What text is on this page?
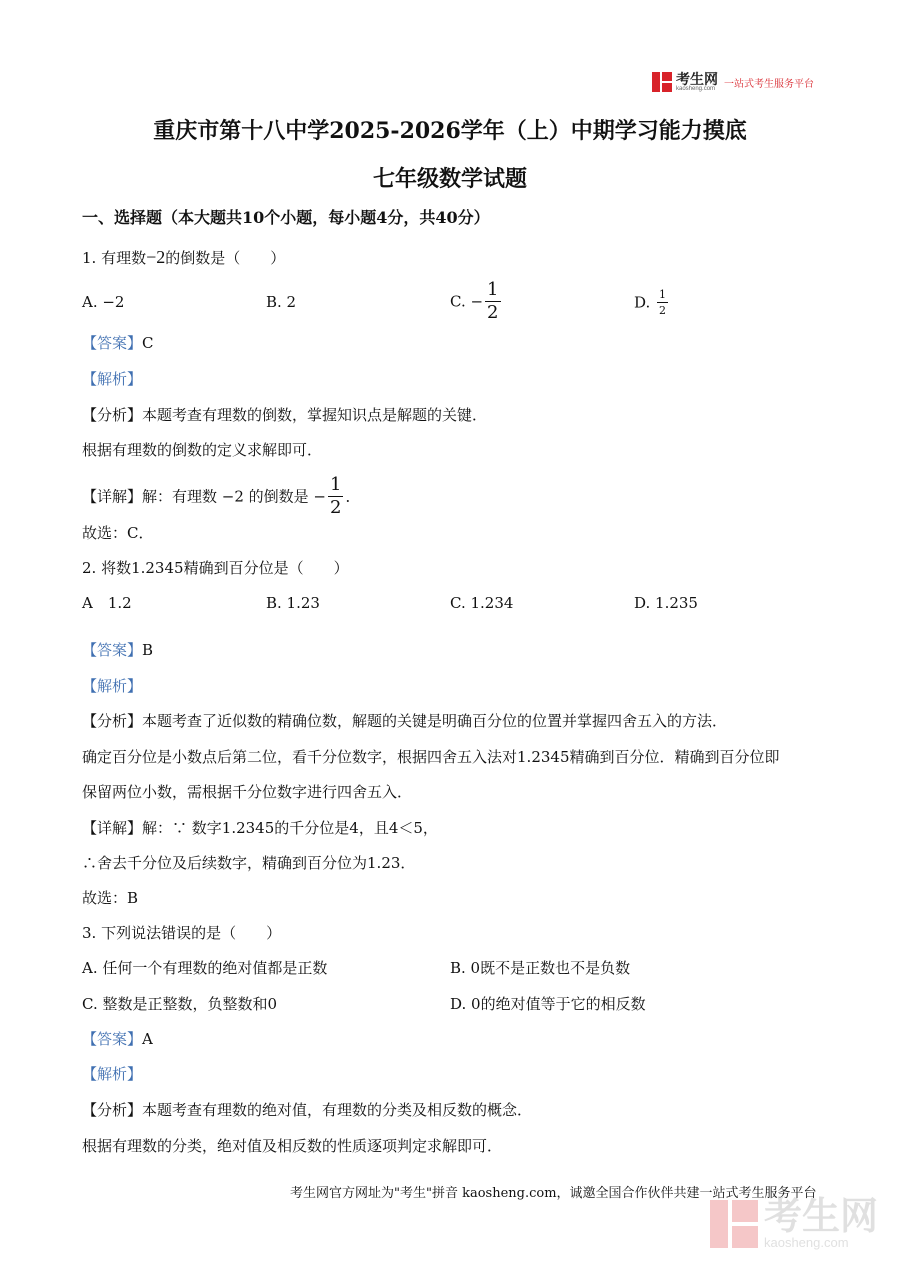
考生网
kaosheng.com 一站式考生服务平台
重庆市第十八中学2025-2026学年（上）中期学习能力摸底
七年级数学试题
一、选择题（本大题共10个小题，每小题4分，共40分）
1. 有理数−2的倒数是（　　）
A. −2	B. 2	C. − $\frac{1}{2}$	D. $\frac{1}{2}$
【答案】C
【解析】
【分析】本题考查有理数的倒数，掌握知识点是解题的关键．
根据有理数的倒数的定义求解即可．
【详解】解：有理数 −2 的倒数是 − $\frac{1}{2}$ ．
故选：C．
2. 将数1.2345精确到百分位是（　　）
A　1.2	B. 1.23	C. 1.234	D. 1.235
【答案】B
【解析】
【分析】本题考查了近似数的精确位数，解题的关键是明确百分位的位置并掌握四舍五入的方法．
确定百分位是小数点后第二位，看千分位数字，根据四舍五入法对1.2345精确到百分位．精确到百分位即
保留两位小数，需根据千分位数字进行四舍五入．
【详解】解：∵ 数字1.2345的千分位是4，且4＜5，
∴舍去千分位及后续数字，精确到百分位为1.23．
故选：B
3. 下列说法错误的是（　　）
A. 任何一个有理数的绝对值都是正数	B. 0既不是正数也不是负数
C. 整数是正整数，负整数和0	D. 0的绝对值等于它的相反数
【答案】A
【解析】
【分析】本题考查有理数的绝对值，有理数的分类及相反数的概念．
根据有理数的分类，绝对值及相反数的性质逐项判定求解即可．
考生网官方网址为"考生"拼音 kaosheng.com，诚邀全国合作伙伴共建一站式考生服务平台
考生网
kaosheng.com
